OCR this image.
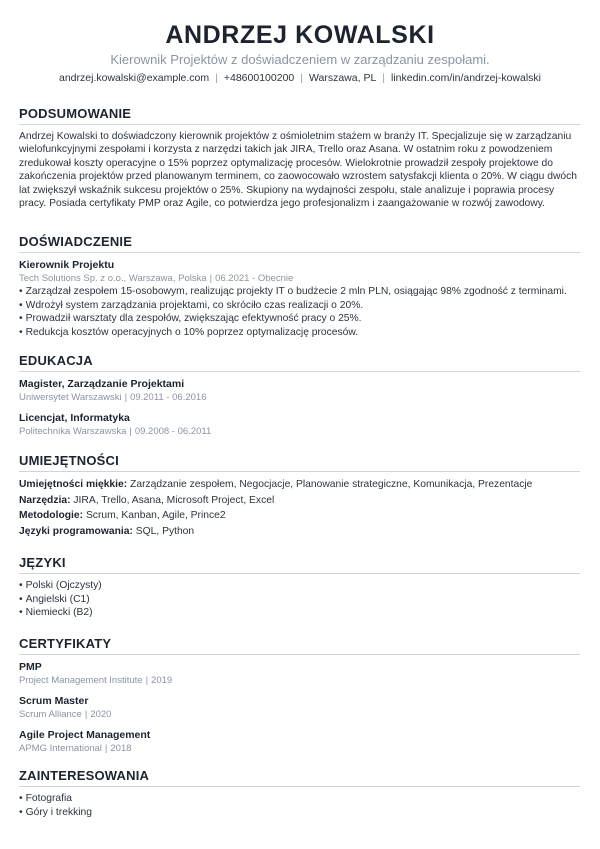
ANDRZEJ KOWALSKI
Kierownik Projektów z doświadczeniem w zarządzaniu zespołami.
andrzej.kowalski@example.com | +48600100200 | Warszawa, PL | linkedin.com/in/andrzej-kowalski
PODSUMOWANIE
Andrzej Kowalski to doświadczony kierownik projektów z ośmioletnim stażem w branży IT. Specjalizuje się w zarządzaniu wielofunkcyjnymi zespołami i korzysta z narzędzi takich jak JIRA, Trello oraz Asana. W ostatnim roku z powodzeniem zredukował koszty operacyjne o 15% poprzez optymalizację procesów. Wielokrotnie prowadził zespoły projektowe do zakończenia projektów przed planowanym terminem, co zaowocowało wzrostem satysfakcji klienta o 20%. W ciągu dwóch lat zwiększył wskaźnik sukcesu projektów o 25%. Skupiony na wydajności zespołu, stale analizuje i poprawia procesy pracy. Posiada certyfikaty PMP oraz Agile, co potwierdza jego profesjonalizm i zaangażowanie w rozwój zawodowy.
DOŚWIADCZENIE
Kierownik Projektu
Tech Solutions Sp. z o.o., Warszawa, Polska | 06.2021 - Obecnie
• Zarządzał zespołem 15-osobowym, realizując projekty IT o budżecie 2 mln PLN, osiągając 98% zgodność z terminami.
• Wdrożył system zarządzania projektami, co skróciło czas realizacji o 20%.
• Prowadził warsztaty dla zespołów, zwiększając efektywność pracy o 25%.
• Redukcja kosztów operacyjnych o 10% poprzez optymalizację procesów.
EDUKACJA
Magister, Zarządzanie Projektami
Uniwersytet Warszawski | 09.2011 - 06.2016
Licencjat, Informatyka
Politechnika Warszawska | 09.2008 - 06.2011
UMIEJĘTNOŚCI
Umiejętności miękkie: Zarządzanie zespołem, Negocjacje, Planowanie strategiczne, Komunikacja, Prezentacje
Narzędzia: JIRA, Trello, Asana, Microsoft Project, Excel
Metodologie: Scrum, Kanban, Agile, Prince2
Języki programowania: SQL, Python
JĘZYKI
• Polski (Ojczysty)
• Angielski (C1)
• Niemiecki (B2)
CERTYFIKATY
PMP
Project Management Institute | 2019
Scrum Master
Scrum Alliance | 2020
Agile Project Management
APMG International | 2018
ZAINTERESOWANIA
• Fotografia
• Góry i trekking
